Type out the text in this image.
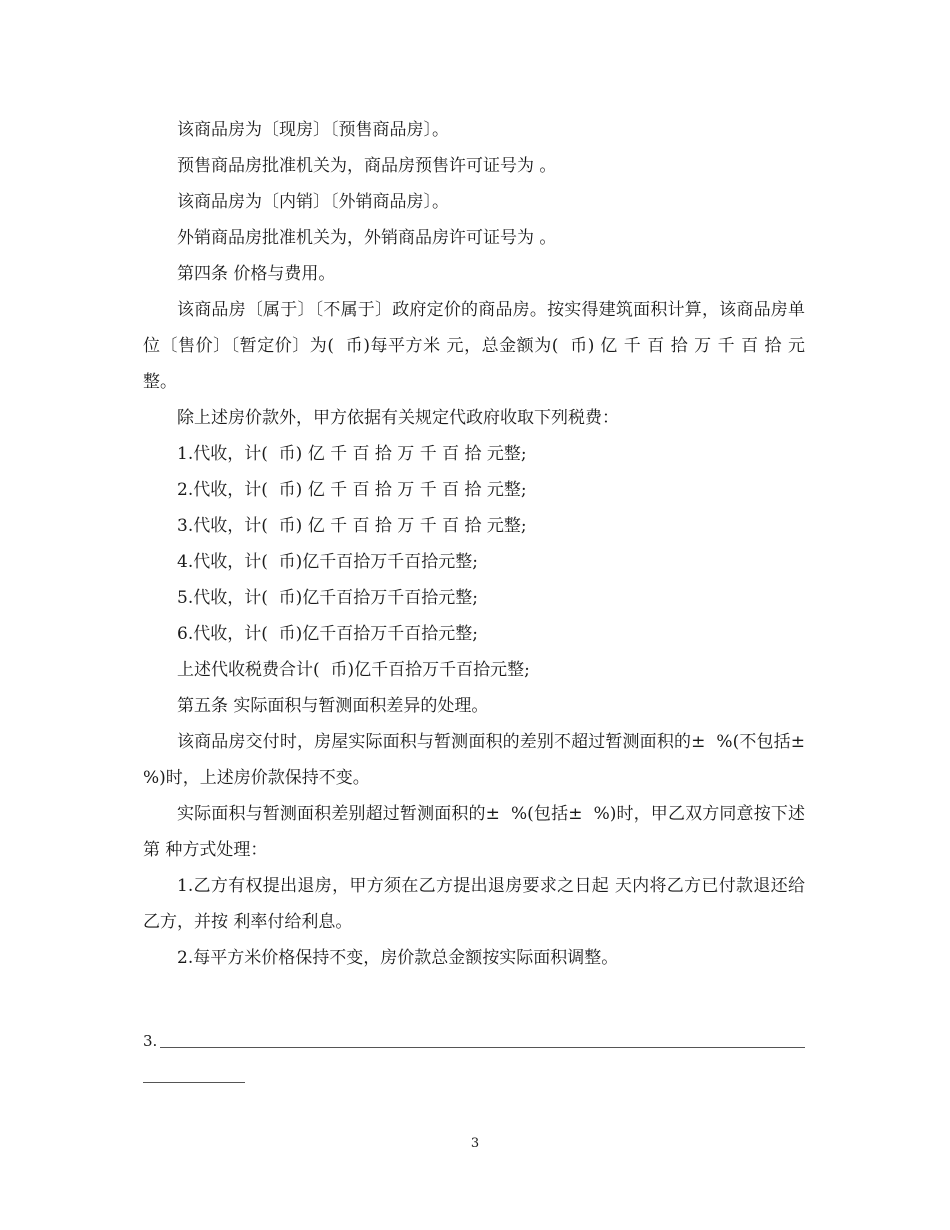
该商品房为〔现房〕〔预售商品房〕。

预售商品房批准机关为，商品房预售许可证号为 。

该商品房为〔内销〕〔外销商品房〕。

外销商品房批准机关为，外销商品房许可证号为 。

第四条 价格与费用。

该商品房〔属于〕〔不属于〕政府定价的商品房。按实得建筑面积计算，该商品房单位〔售价〕〔暂定价〕为(  币)每平方米 元，总金额为(  币) 亿 千 百 拾 万 千 百 拾 元整。

除上述房价款外，甲方依据有关规定代政府收取下列税费：

1.代收，计(  币) 亿 千 百 拾 万 千 百 拾 元整;

2.代收，计(  币) 亿 千 百 拾 万 千 百 拾 元整;

3.代收，计(  币) 亿 千 百 拾 万 千 百 拾 元整;

4.代收，计(  币)亿千百拾万千百拾元整;

5.代收，计(  币)亿千百拾万千百拾元整;

6.代收，计(  币)亿千百拾万千百拾元整;

上述代收税费合计(  币)亿千百拾万千百拾元整;

第五条 实际面积与暂测面积差异的处理。

该商品房交付时，房屋实际面积与暂测面积的差别不超过暂测面积的±  %(不包括±  %)时，上述房价款保持不变。

实际面积与暂测面积差别超过暂测面积的±  %(包括±  %)时，甲乙双方同意按下述第 种方式处理：

1.乙方有权提出退房，甲方须在乙方提出退房要求之日起 天内将乙方已付款退还给乙方，并按 利率付给利息。

2.每平方米价格保持不变，房价款总金额按实际面积调整。

3.
3
